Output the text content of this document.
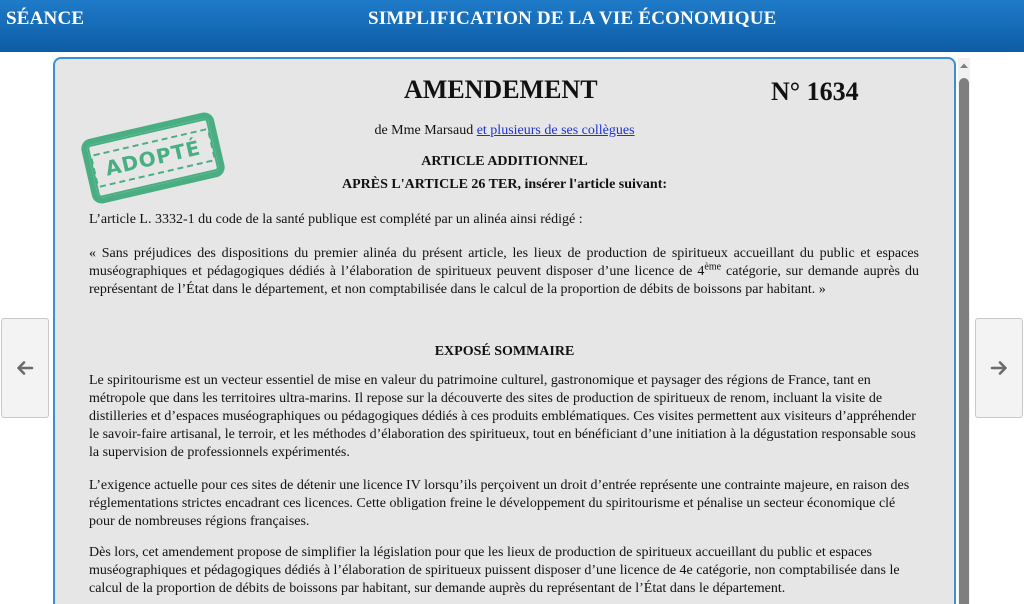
SÉANCE	SIMPLIFICATION DE LA VIE ÉCONOMIQUE
AMENDEMENT	N° 1634
ADOPTÉ
de Mme Marsaud et plusieurs de ses collègues
ARTICLE ADDITIONNEL
APRÈS L'ARTICLE 26 TER, insérer l'article suivant:
L’article L. 3332-1 du code de la santé publique est complété par un alinéa ainsi rédigé :
« Sans préjudices des dispositions du premier alinéa du présent article, les lieux de production de spiritueux accueillant du public et espaces muséographiques et pédagogiques dédiés à l’élaboration de spiritueux peuvent disposer d’une licence de 4ème catégorie, sur demande auprès du représentant de l’État dans le département, et non comptabilisée dans le calcul de la proportion de débits de boissons par habitant. »
EXPOSÉ SOMMAIRE
Le spiritourisme est un vecteur essentiel de mise en valeur du patrimoine culturel, gastronomique et paysager des régions de France, tant en métropole que dans les territoires ultra-marins. Il repose sur la découverte des sites de production de spiritueux de renom, incluant la visite de distilleries et d’espaces muséographiques ou pédagogiques dédiés à ces produits emblématiques. Ces visites permettent aux visiteurs d’appréhender le savoir-faire artisanal, le terroir, et les méthodes d’élaboration des spiritueux, tout en bénéficiant d’une initiation à la dégustation responsable sous la supervision de professionnels expérimentés.
L’exigence actuelle pour ces sites de détenir une licence IV lorsqu’ils perçoivent un droit d’entrée représente une contrainte majeure, en raison des réglementations strictes encadrant ces licences. Cette obligation freine le développement du spiritourisme et pénalise un secteur économique clé pour de nombreuses régions françaises.
Dès lors, cet amendement propose de simplifier la législation pour que les lieux de production de spiritueux accueillant du public et espaces muséographiques et pédagogiques dédiés à l’élaboration de spiritueux puissent disposer d’une licence de 4e catégorie, non comptabilisée dans le calcul de la proportion de débits de boissons par habitant, sur demande auprès du représentant de l’État dans le département.
